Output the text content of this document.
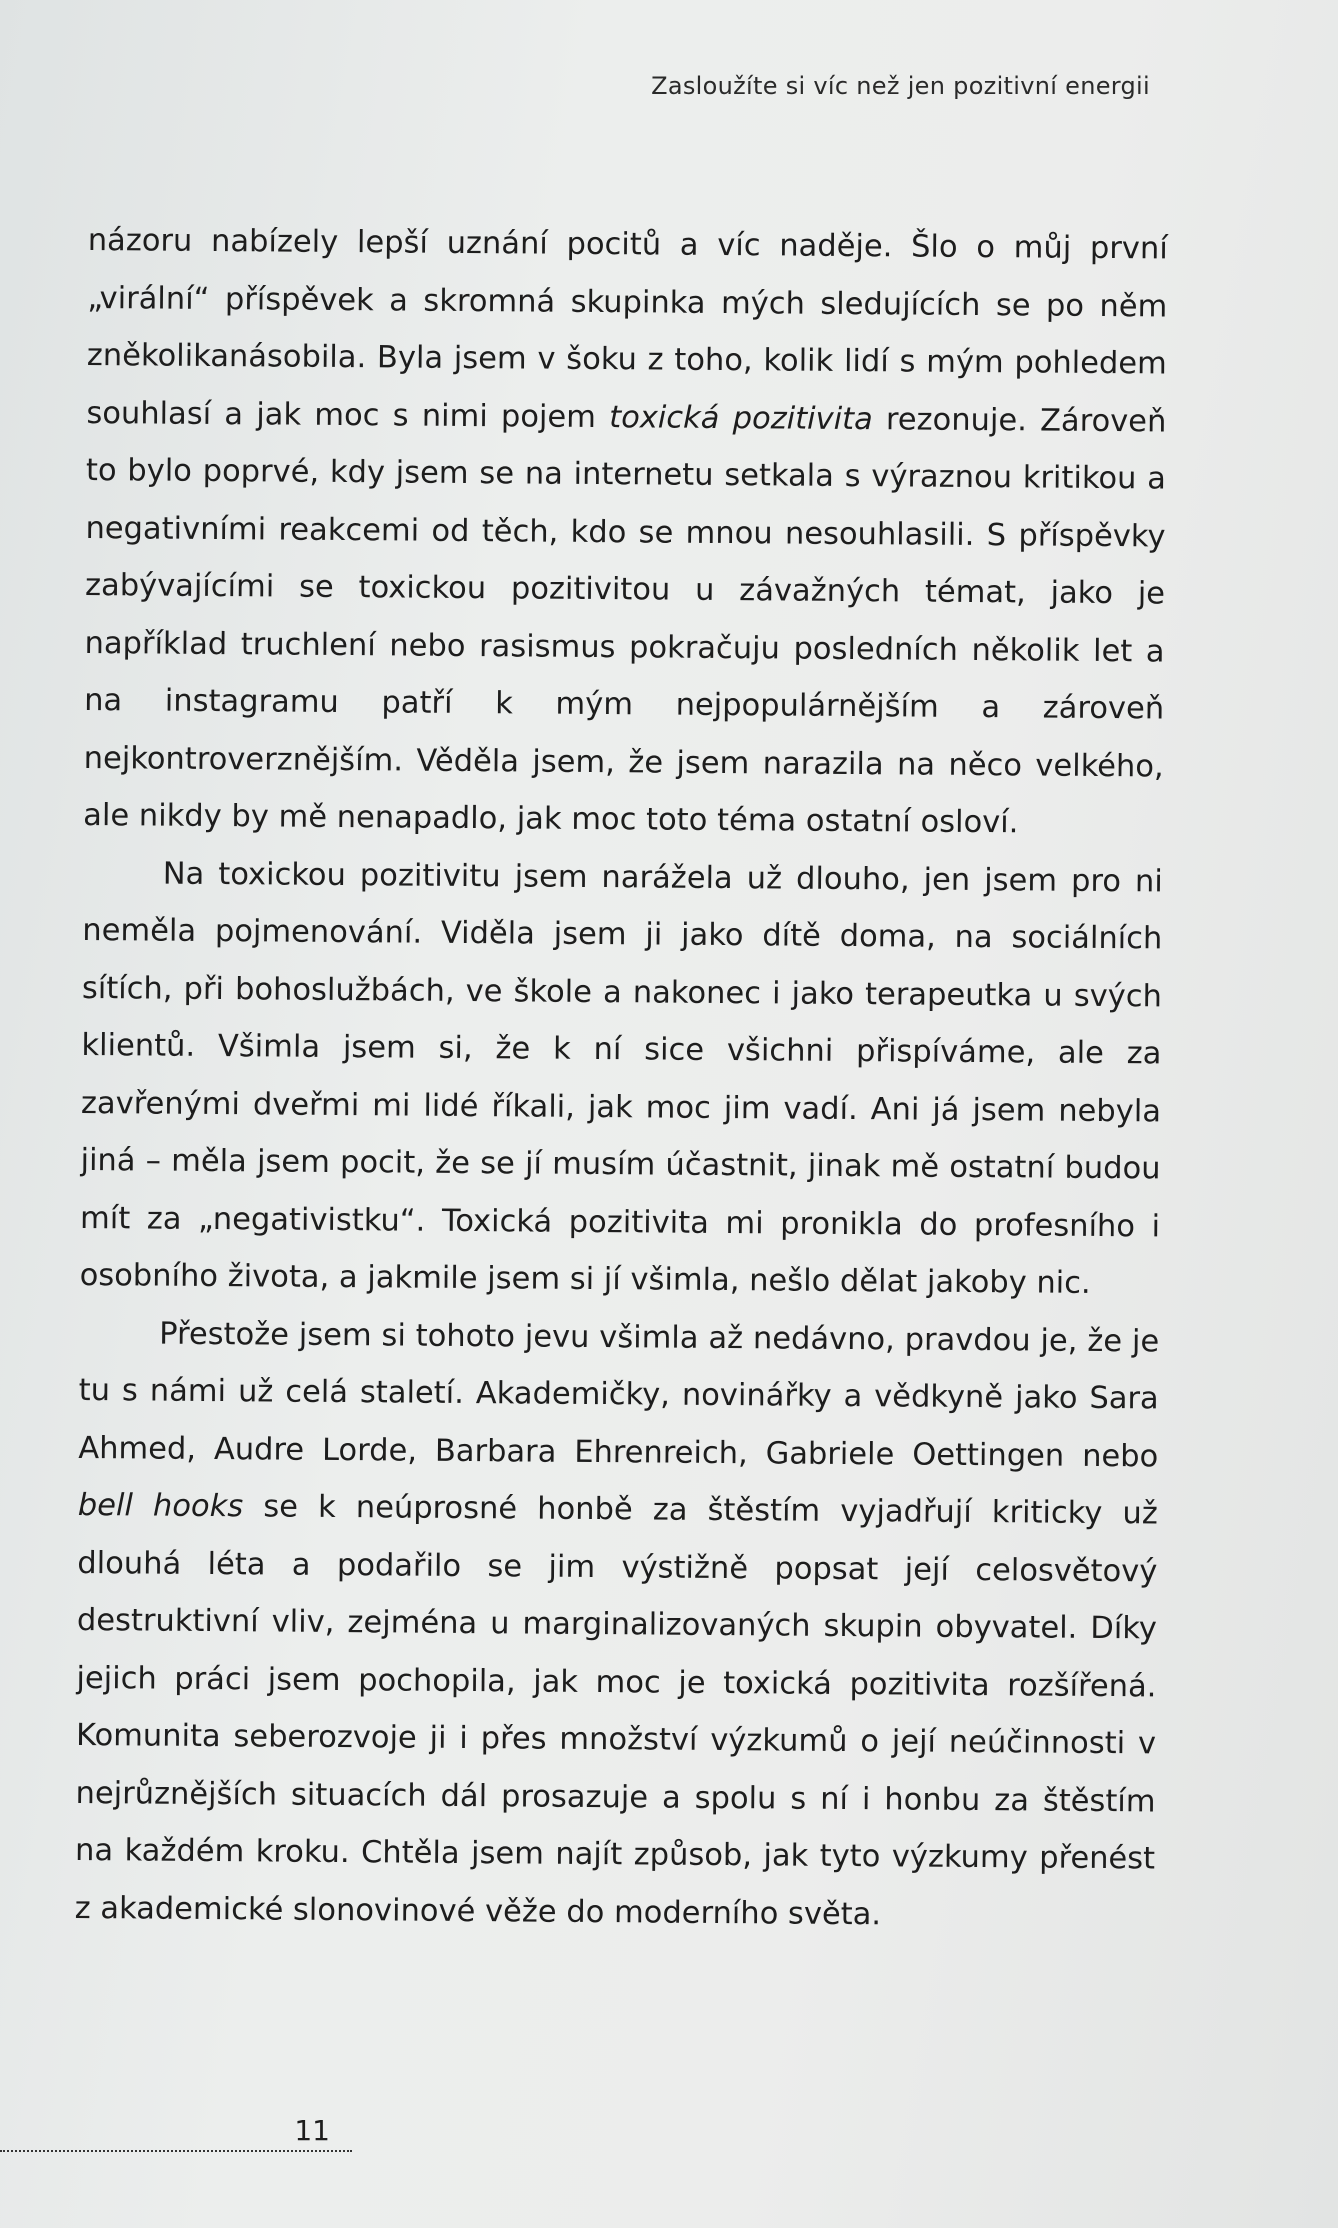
Zasloužíte si víc než jen pozitivní energii

názoru nabízely lepší uznání pocitů a víc naděje. Šlo o můj první „virální“ příspěvek a skromná skupinka mých sledujících se po něm zněkolikanásobila. Byla jsem v šoku z toho, kolik lidí s mým pohledem souhlasí a jak moc s nimi pojem toxická pozitivita rezonuje. Zároveň to bylo poprvé, kdy jsem se na internetu setkala s výraznou kritikou a negativními reakcemi od těch, kdo se mnou nesouhlasili. S příspěvky zabývajícími se toxickou pozitivitou u závažných témat, jako je například truchlení nebo rasismus pokračuju posledních několik let a na instagramu patří k mým nejpopulárnějším a zároveň nejkontroverznějším. Věděla jsem, že jsem narazila na něco velkého, ale nikdy by mě nenapadlo, jak moc toto téma ostatní osloví.

Na toxickou pozitivitu jsem narážela už dlouho, jen jsem pro ni neměla pojmenování. Viděla jsem ji jako dítě doma, na sociálních sítích, při bohoslužbách, ve škole a nakonec i jako terapeutka u svých klientů. Všimla jsem si, že k ní sice všichni přispíváme, ale za zavřenými dveřmi mi lidé říkali, jak moc jim vadí. Ani já jsem nebyla jiná – měla jsem pocit, že se jí musím účastnit, jinak mě ostatní budou mít za „negativistku“. Toxická pozitivita mi pronikla do profesního i osobního života, a jakmile jsem si jí všimla, nešlo dělat jakoby nic.

Přestože jsem si tohoto jevu všimla až nedávno, pravdou je, že je tu s námi už celá staletí. Akademičky, novinářky a vědkyně jako Sara Ahmed, Audre Lorde, Barbara Ehrenreich, Gabriele Oettingen nebo bell hooks se k neúprosné honbě za štěstím vyjadřují kriticky už dlouhá léta a podařilo se jim výstižně popsat její celosvětový destruktivní vliv, zejména u marginalizovaných skupin obyvatel. Díky jejich práci jsem pochopila, jak moc je toxická pozitivita rozšířená. Komunita seberozvoje ji i přes množství výzkumů o její neúčinnosti v nejrůznějších situacích dál prosazuje a spolu s ní i honbu za štěstím na každém kroku. Chtěla jsem najít způsob, jak tyto výzkumy přenést z akademické slonovinové věže do moderního světa.

11
